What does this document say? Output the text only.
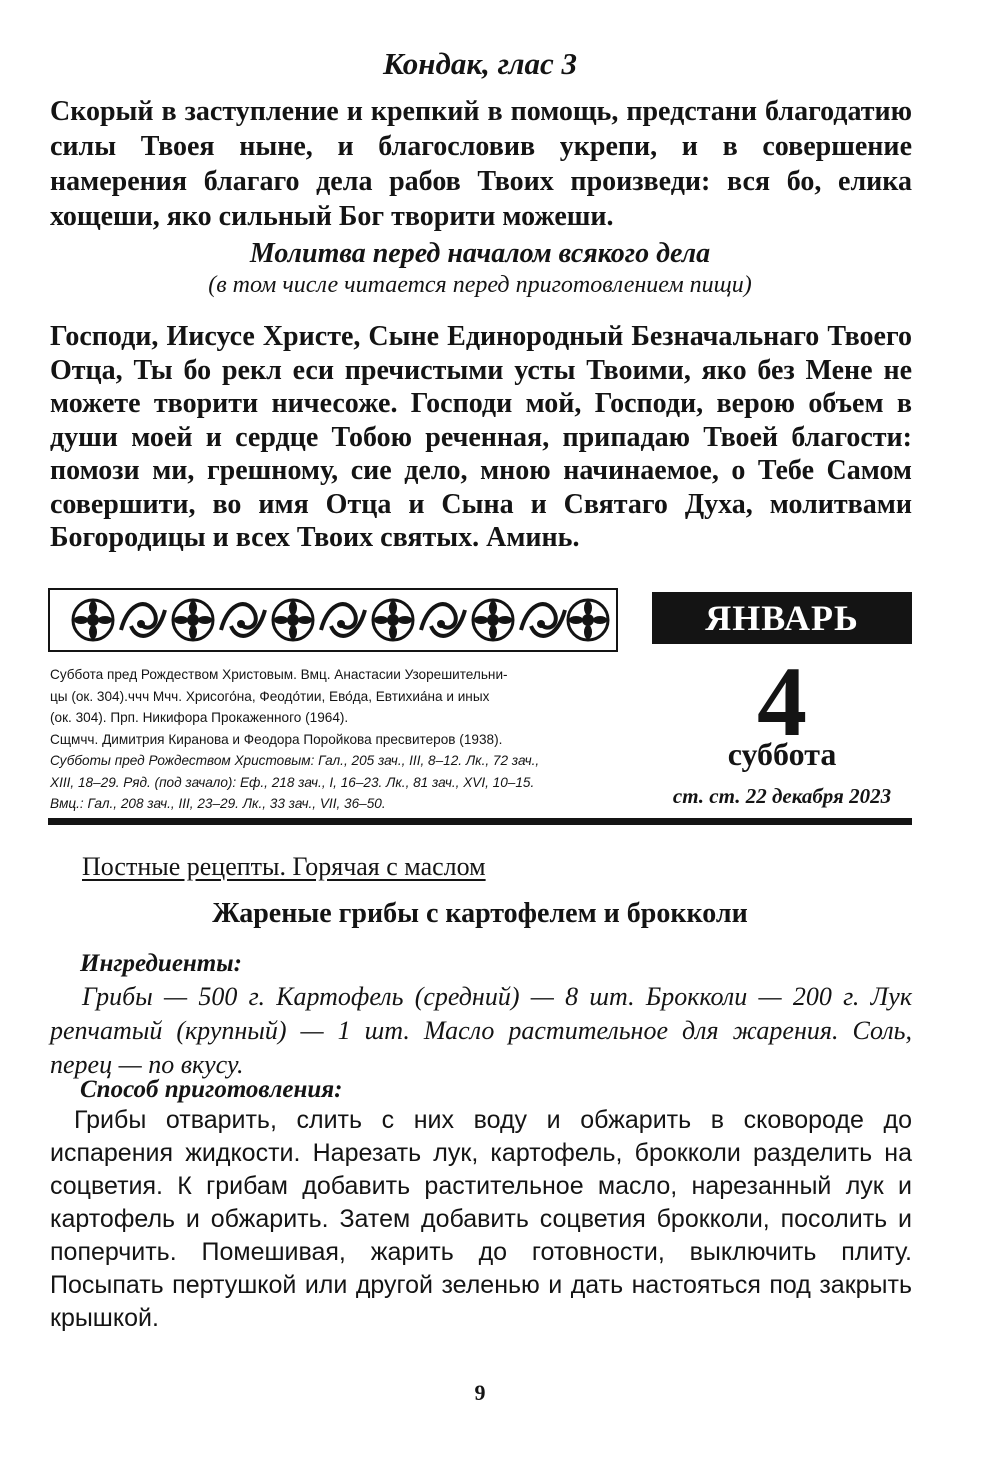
Кондак, глас 3

Скорый в заступление и крепкий в помощь, предстани благодатию силы Твоея ныне, и благословив укрепи, и в совершение намерения благаго дела рабов Твоих произведи: вся бо, елика хощеши, яко сильный Бог творити можеши.

Молитва перед началом всякого дела
(в том числе читается перед приготовлением пищи)

Господи, Иисусе Христе, Сыне Единородный Безначальнаго Твоего Отца, Ты бо рекл еси пречистыми усты Твоими, яко без Мене не можете творити ничесоже. Господи мой, Господи, верою объем в души моей и сердце Тобою реченная, припадаю Твоей благости: помози ми, грешному, сие дело, мною начинаемое, о Тебе Самом совершити, во имя Отца и Сына и Святаго Духа, молитвами Богородицы и всех Твоих святых. Аминь.

ЯНВАРЬ
4
суббота
ст. ст. 22 декабря 2023
Суббота пред Рождеством Христовым. Вмц. Анастасии Узорешительни-
цы (ок. 304).ччч Мчч. Хрисого́на, Феодо́тии, Ево́да, Евтихиа́на и иных
(ок. 304). Прп. Никифора Прокаженного (1964).
Сщмчч. Димитрия Киранова и Феодора Поройкова пресвитеров (1938).
Субботы пред Рождеством Христовым: Гал., 205 зач., III, 8–12. Лк., 72 зач.,
XIII, 18–29. Ряд. (под зачало): Еф., 218 зач., I, 16–23. Лк., 81 зач., XVI, 10–15.
Вмц.: Гал., 208 зач., III, 23–29. Лк., 33 зач., VII, 36–50.
Постные рецепты. Горячая с маслом
Жареные грибы с картофелем и брокколи
Ингредиенты:

Грибы — 500 г. Картофель (средний) — 8 шт. Брокколи — 200 г. Лук репчатый (крупный) — 1 шт. Масло растительное для жарения. Соль, перец — по вкусу.

Способ приготовления:

Грибы отварить, слить с них воду и обжарить в сковороде до испарения жидкости. Нарезать лук, картофель, брокколи разделить на соцветия. К грибам добавить растительное масло, нарезанный лук и картофель и обжарить. Затем добавить соцветия брокколи, посолить и поперчить. Помешивая, жарить до готовности, выключить плиту. Посыпать пертушкой или другой зеленью и дать настояться под закрыть крышкой.

9
